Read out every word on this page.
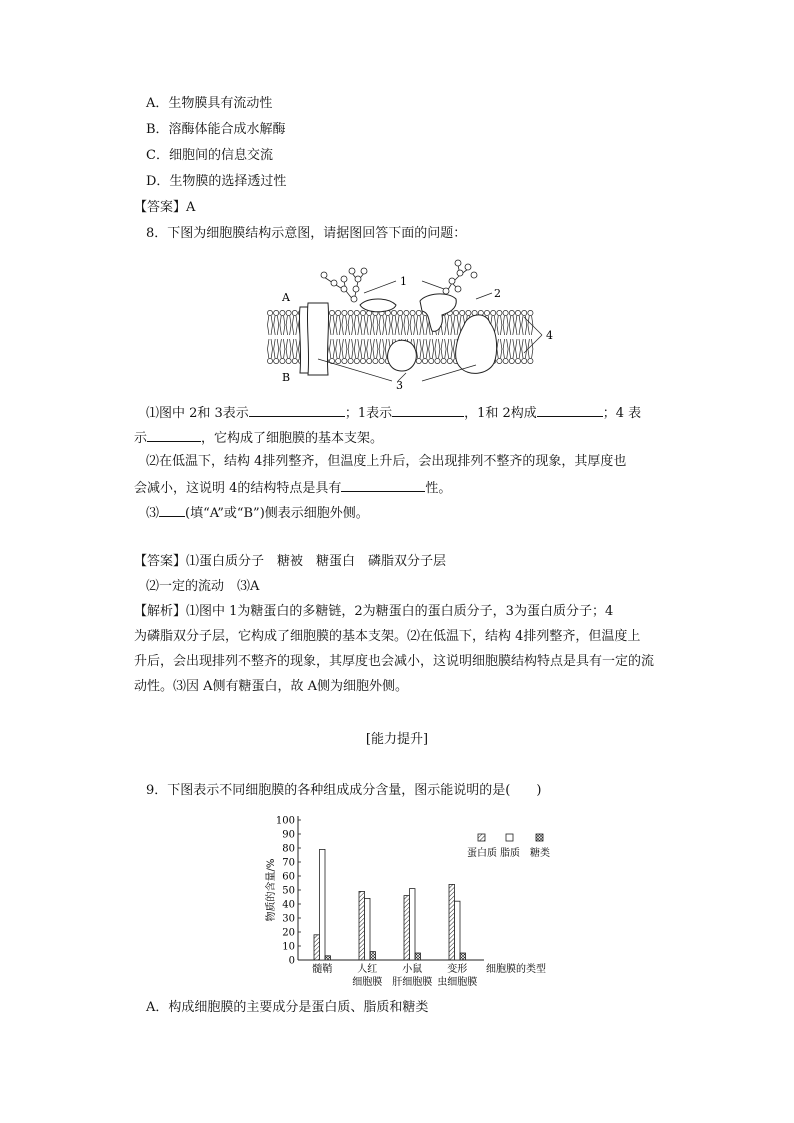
A．生物膜具有流动性
B．溶酶体能合成水解酶
C．细胞间的信息交流
D．生物膜的选择透过性
【答案】A
8．下图为细胞膜结构示意图，请据图回答下面的问题：
1
2
3
4
A
B
⑴图中 2和 3表示	；1表示	，1和 2构成	；4 表
示	，它构成了细胞膜的基本支架。
⑵在低温下，结构 4排列整齐，但温度上升后，会出现排列不整齐的现象，其厚度也
会减小，这说明 4的结构特点是具有	性。
⑶ (填“A”或“B”)侧表示细胞外侧。
【答案】⑴蛋白质分子　糖被　糖蛋白　磷脂双分子层
⑵一定的流动　⑶A
【解析】⑴图中 1为糖蛋白的多糖链，2为糖蛋白的蛋白质分子，3为蛋白质分子；4
为磷脂双分子层，它构成了细胞膜的基本支架。⑵在低温下，结构 4排列整齐，但温度上
升后，会出现排列不整齐的现象，其厚度也会减小，这说明细胞膜结构特点是具有一定的流
动性。⑶因 A侧有糖蛋白，故 A侧为细胞外侧。
[能力提升]
9．下图表示不同细胞膜的各种组成成分含量，图示能说明的是(　　)
0
10
20
30
40
50
60
70
80
90
100
物质的含量/%
髓鞘	人红
细胞膜
小鼠
肝细胞膜
变形
虫细胞膜
细胞膜的类型
蛋白质 脂质 糖类
A．构成细胞膜的主要成分是蛋白质、脂质和糖类
